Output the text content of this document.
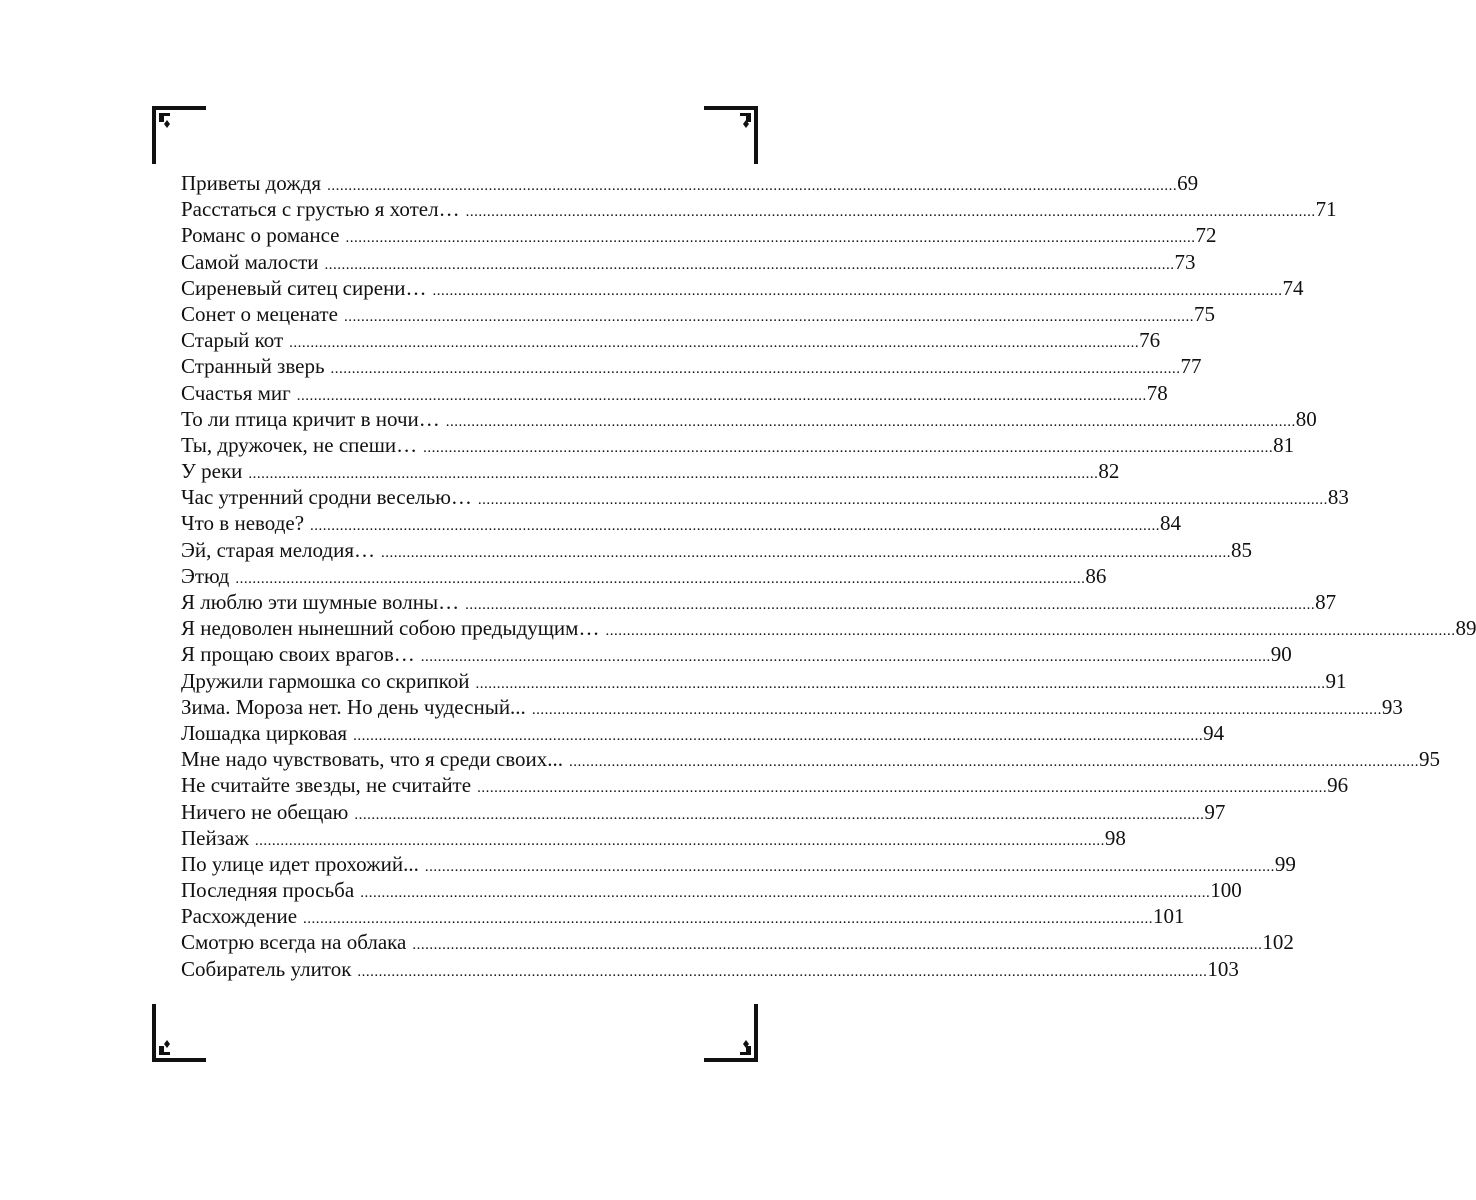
Приветы дождя ........................................................................................................................................................................................................ 69
Расстаться с грустью я хотел… ........................................................................................................................................................................................................ 71
Романс о романсе ........................................................................................................................................................................................................ 72
Самой малости ........................................................................................................................................................................................................ 73
Сиреневый ситец сирени… ........................................................................................................................................................................................................ 74
Сонет о меценате ........................................................................................................................................................................................................ 75
Старый кот ........................................................................................................................................................................................................ 76
Странный зверь ........................................................................................................................................................................................................ 77
Счастья миг ........................................................................................................................................................................................................ 78
То ли птица кричит в ночи… ........................................................................................................................................................................................................ 80
Ты, дружочек, не спеши… ........................................................................................................................................................................................................ 81
У реки ........................................................................................................................................................................................................ 82
Час утренний сродни веселью… ........................................................................................................................................................................................................ 83
Что в неводе? ........................................................................................................................................................................................................ 84
Эй, старая мелодия… ........................................................................................................................................................................................................ 85
Этюд ........................................................................................................................................................................................................ 86
Я люблю эти шумные волны… ........................................................................................................................................................................................................ 87
Я недоволен нынешний собою предыдущим… ........................................................................................................................................................................................................ 89
Я прощаю своих врагов… ........................................................................................................................................................................................................ 90
Дружили гармошка со скрипкой ........................................................................................................................................................................................................ 91
Зима. Мороза нет. Но день чудесный... ........................................................................................................................................................................................................ 93
Лошадка цирковая ........................................................................................................................................................................................................ 94
Мне надо чувствовать, что я среди своих... ........................................................................................................................................................................................................ 95
Не считайте звезды, не считайте ........................................................................................................................................................................................................ 96
Ничего не обещаю ........................................................................................................................................................................................................ 97
Пейзаж ........................................................................................................................................................................................................ 98
По улице идет прохожий... ........................................................................................................................................................................................................ 99
Последняя просьба ........................................................................................................................................................................................................ 100
Расхождение ........................................................................................................................................................................................................ 101
Смотрю всегда на облака ........................................................................................................................................................................................................ 102
Собиратель улиток ........................................................................................................................................................................................................ 103
